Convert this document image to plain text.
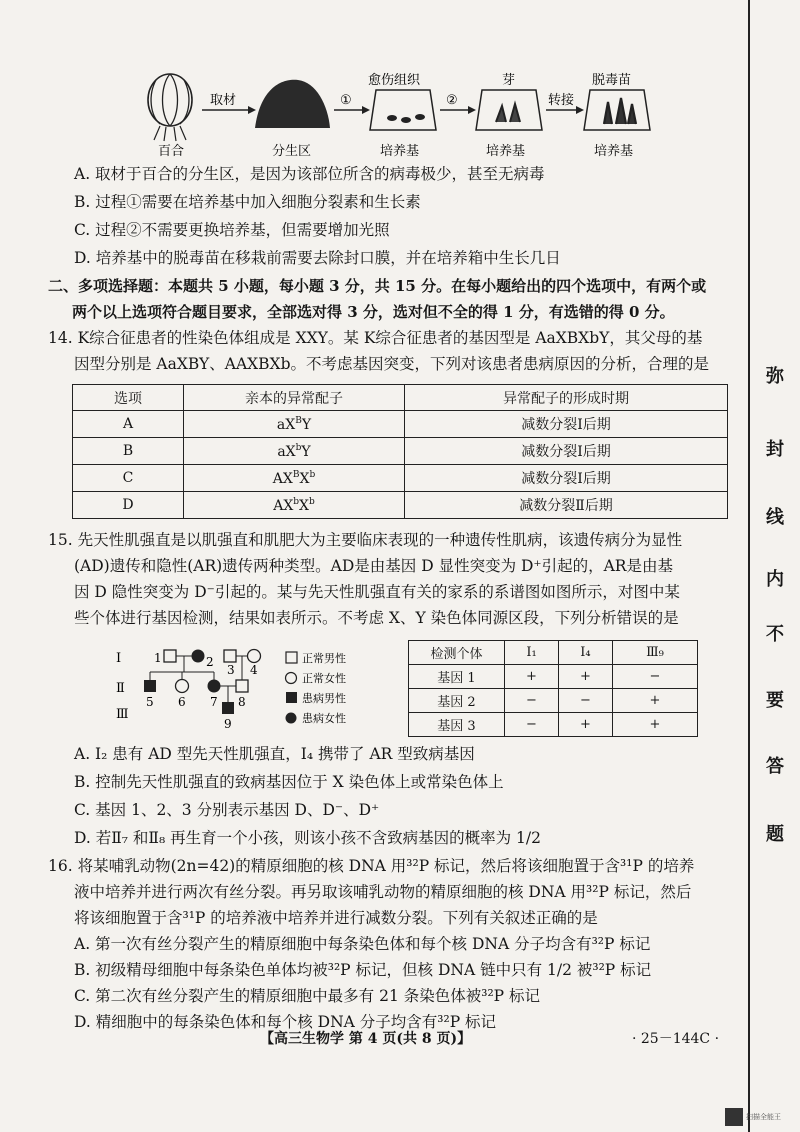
百合
取材
分生区
①
愈伤组织
培养基
②
芽
培养基
转接
脱毒苗
培养基
A. 取材于百合的分生区，是因为该部位所含的病毒极少，甚至无病毒
B. 过程①需要在培养基中加入细胞分裂素和生长素
C. 过程②不需要更换培养基，但需要增加光照
D. 培养基中的脱毒苗在移栽前需要去除封口膜，并在培养箱中生长几日
二、多项选择题：本题共 5 小题，每小题 3 分，共 15 分。在每小题给出的四个选项中，有两个或
两个以上选项符合题目要求，全部选对得 3 分，选对但不全的得 1 分，有选错的得 0 分。
14. K综合征患者的性染色体组成是 XXY。某 K综合征患者的基因型是 AaXBXbY，其父母的基
因型分别是 AaXBY、AAXBXb。不考虑基因突变，下列对该患者患病原因的分析，合理的是
选项	亲本的异常配子	异常配子的形成时期
A	$aX^BY$	减数分裂Ⅰ后期
B	$aX^bY$	减数分裂Ⅰ后期
C	$AX^BX^b$	减数分裂Ⅰ后期
D	$AX^bX^b$	减数分裂Ⅱ后期
15. 先天性肌强直是以肌强直和肌肥大为主要临床表现的一种遗传性肌病，该遗传病分为显性
(AD)遗传和隐性(AR)遗传两种类型。AD是由基因 D 显性突变为 D⁺引起的，AR是由基
因 D 隐性突变为 D⁻引起的。某与先天性肌强直有关的家系的系谱图如图所示，对图中某
些个体进行基因检测，结果如表所示。不考虑 X、Y 染色体同源区段，下列分析错误的是
Ⅰ
Ⅱ
Ⅲ
1	2
3 4
5 6 7 8
9
正常男性
正常女性
患病男性
患病女性
检测个体	Ⅰ₁	Ⅰ₄	Ⅲ₉
基因 1	+	+	−
基因 2	−	−	+
基因 3	−	+	+
A. Ⅰ₂ 患有 AD 型先天性肌强直，Ⅰ₄ 携带了 AR 型致病基因
B. 控制先天性肌强直的致病基因位于 X 染色体上或常染色体上
C. 基因 1、2、3 分别表示基因 D、D⁻、D⁺
D. 若Ⅱ₇ 和Ⅱ₈ 再生育一个小孩，则该小孩不含致病基因的概率为 1/2
16. 将某哺乳动物(2n=42)的精原细胞的核 DNA 用³²P 标记，然后将该细胞置于含³¹P 的培养
液中培养并进行两次有丝分裂。再另取该哺乳动物的精原细胞的核 DNA 用³²P 标记，然后
将该细胞置于含³¹P 的培养液中培养并进行减数分裂。下列有关叙述正确的是
A. 第一次有丝分裂产生的精原细胞中每条染色体和每个核 DNA 分子均含有³²P 标记
B. 初级精母细胞中每条染色单体均被³²P 标记，但核 DNA 链中只有 1/2 被³²P 标记
C. 第二次有丝分裂产生的精原细胞中最多有 21 条染色体被³²P 标记
D. 精细胞中的每条染色体和每个核 DNA 分子均含有³²P 标记
弥
封
线
内
不
要
答
题
【高三生物学 第 4 页(共 8 页)】	· 25－144C ·
扫描全能王
